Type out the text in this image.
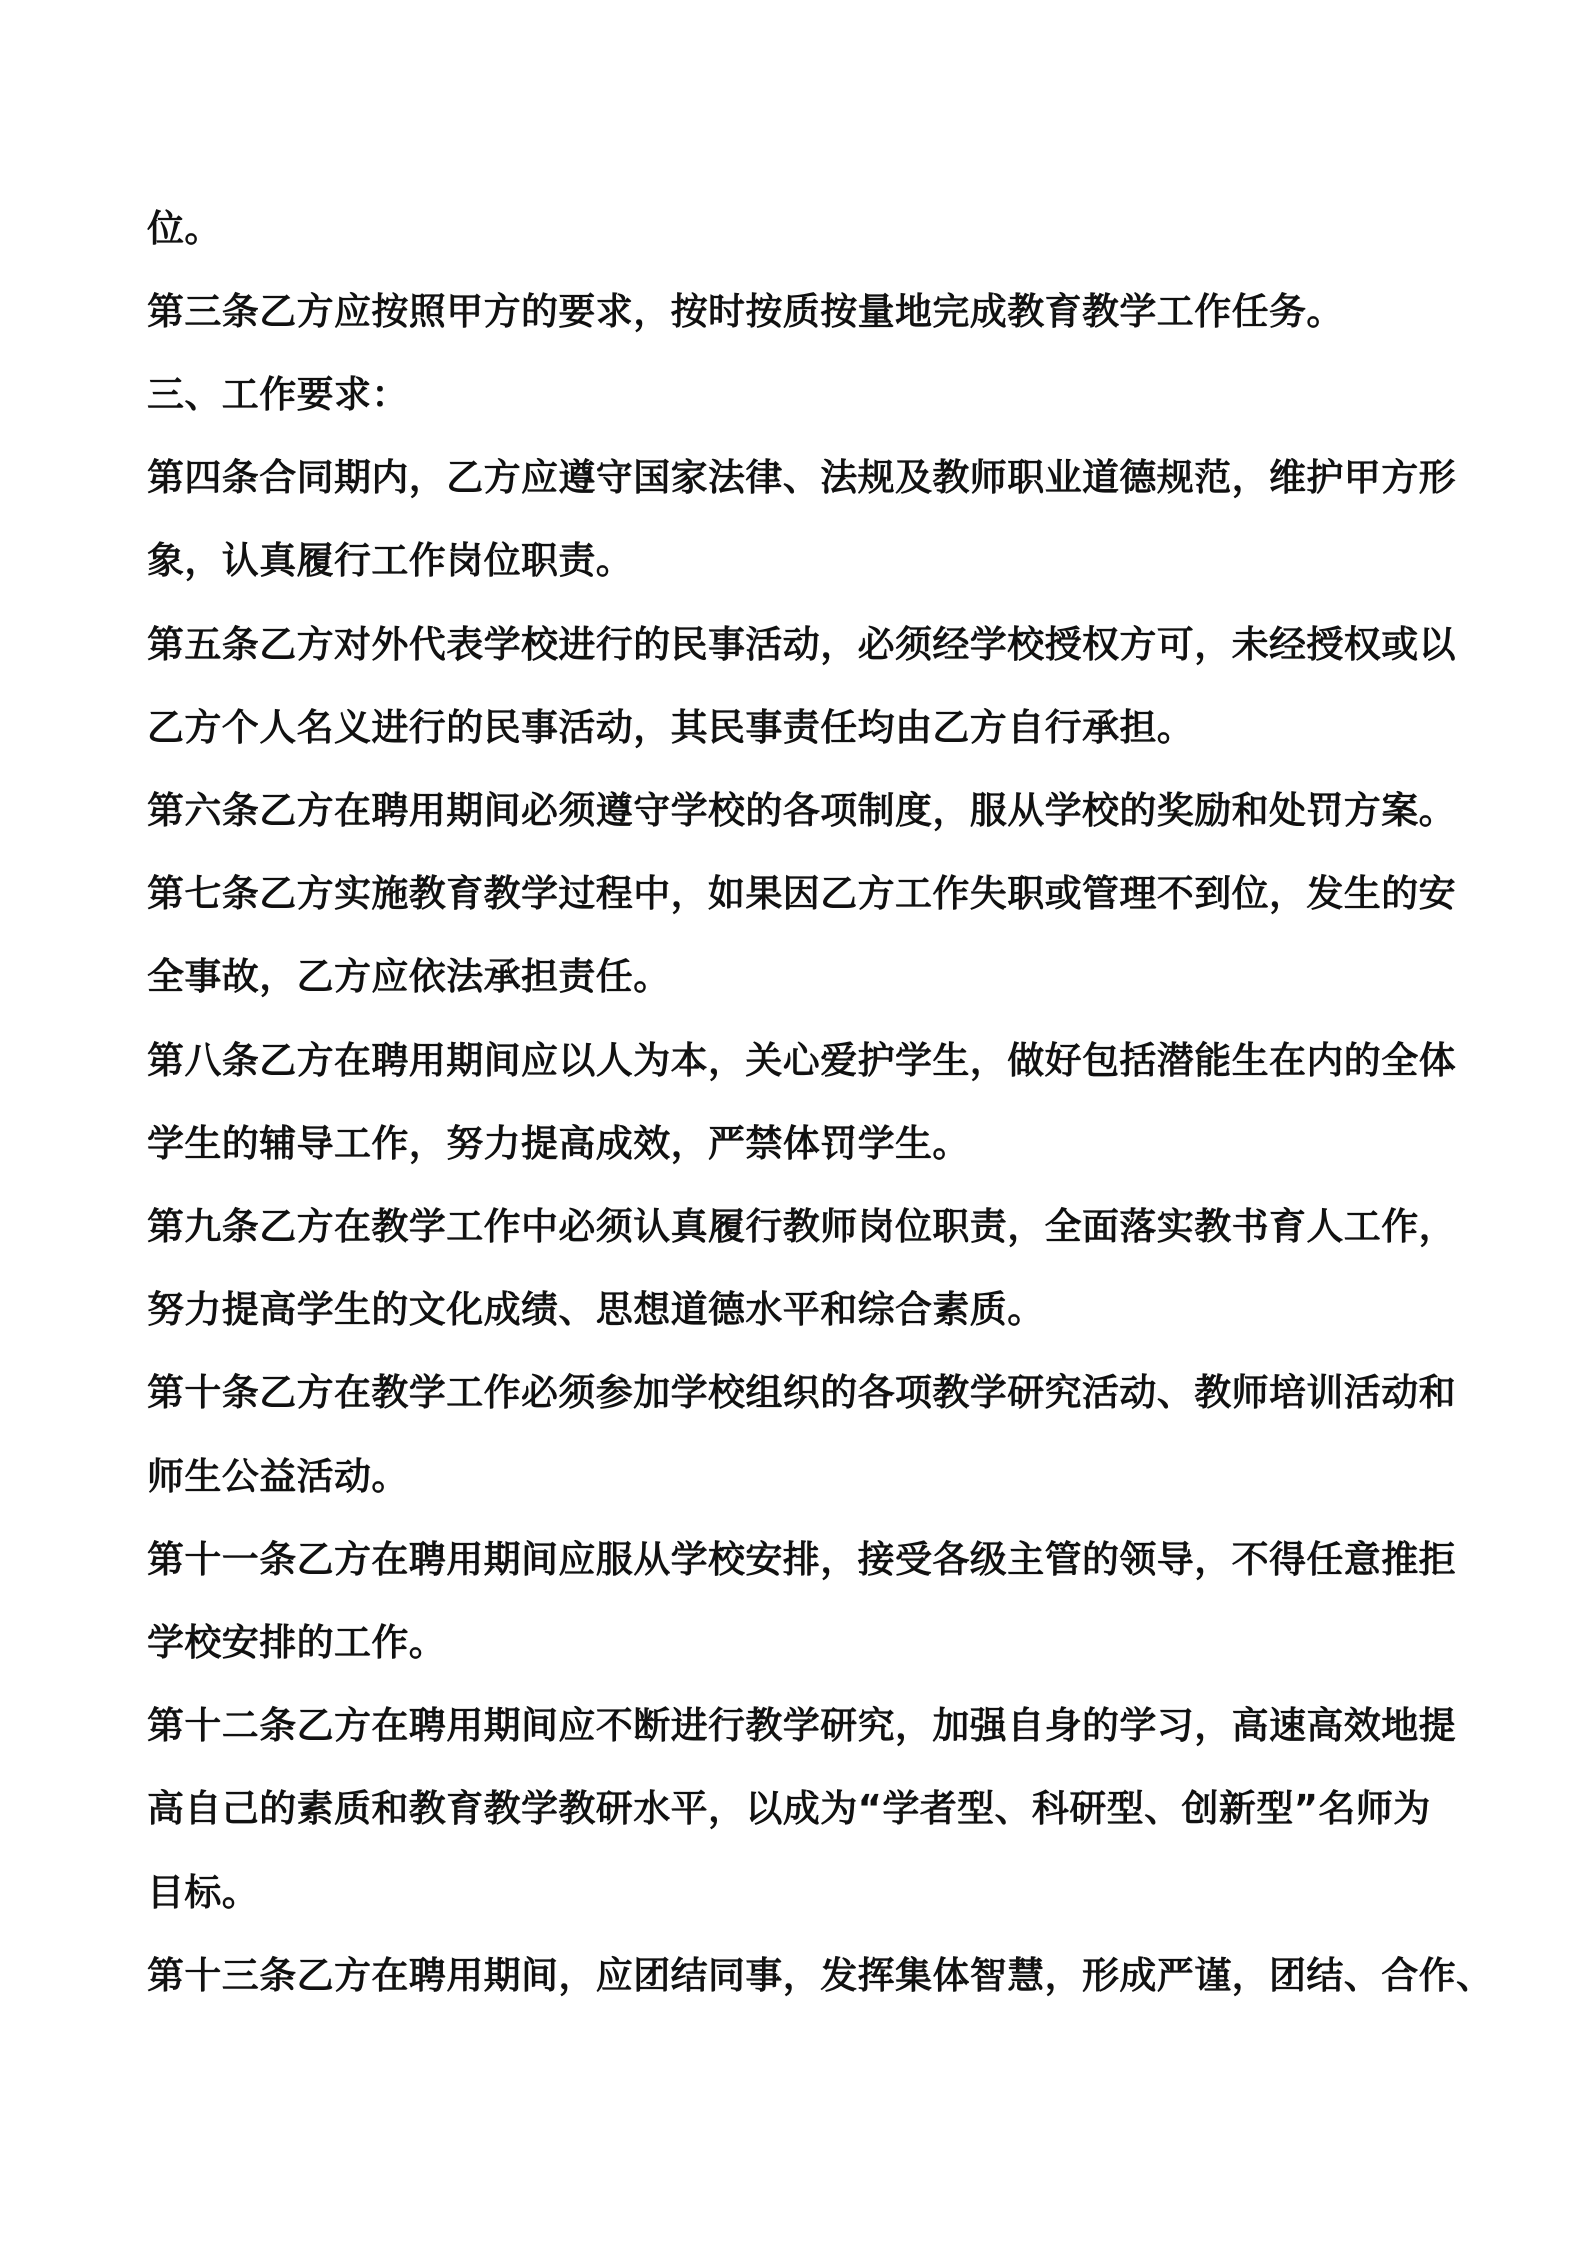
位。
第三条乙方应按照甲方的要求，按时按质按量地完成教育教学工作任务。
三、工作要求：
第四条合同期内，乙方应遵守国家法律、法规及教师职业道德规范，维护甲方形
象，认真履行工作岗位职责。
第五条乙方对外代表学校进行的民事活动，必须经学校授权方可，未经授权或以
乙方个人名义进行的民事活动，其民事责任均由乙方自行承担。
第六条乙方在聘用期间必须遵守学校的各项制度，服从学校的奖励和处罚方案。
第七条乙方实施教育教学过程中，如果因乙方工作失职或管理不到位，发生的安
全事故，乙方应依法承担责任。
第八条乙方在聘用期间应以人为本，关心爱护学生，做好包括潜能生在内的全体
学生的辅导工作，努力提高成效，严禁体罚学生。
第九条乙方在教学工作中必须认真履行教师岗位职责，全面落实教书育人工作，
努力提高学生的文化成绩、思想道德水平和综合素质。
第十条乙方在教学工作必须参加学校组织的各项教学研究活动、教师培训活动和
师生公益活动。
第十一条乙方在聘用期间应服从学校安排，接受各级主管的领导，不得任意推拒
学校安排的工作。
第十二条乙方在聘用期间应不断进行教学研究，加强自身的学习，高速高效地提
高自己的素质和教育教学教研水平，以成为“学者型、科研型、创新型”名师为
目标。
第十三条乙方在聘用期间，应团结同事，发挥集体智慧，形成严谨，团结、合作、
